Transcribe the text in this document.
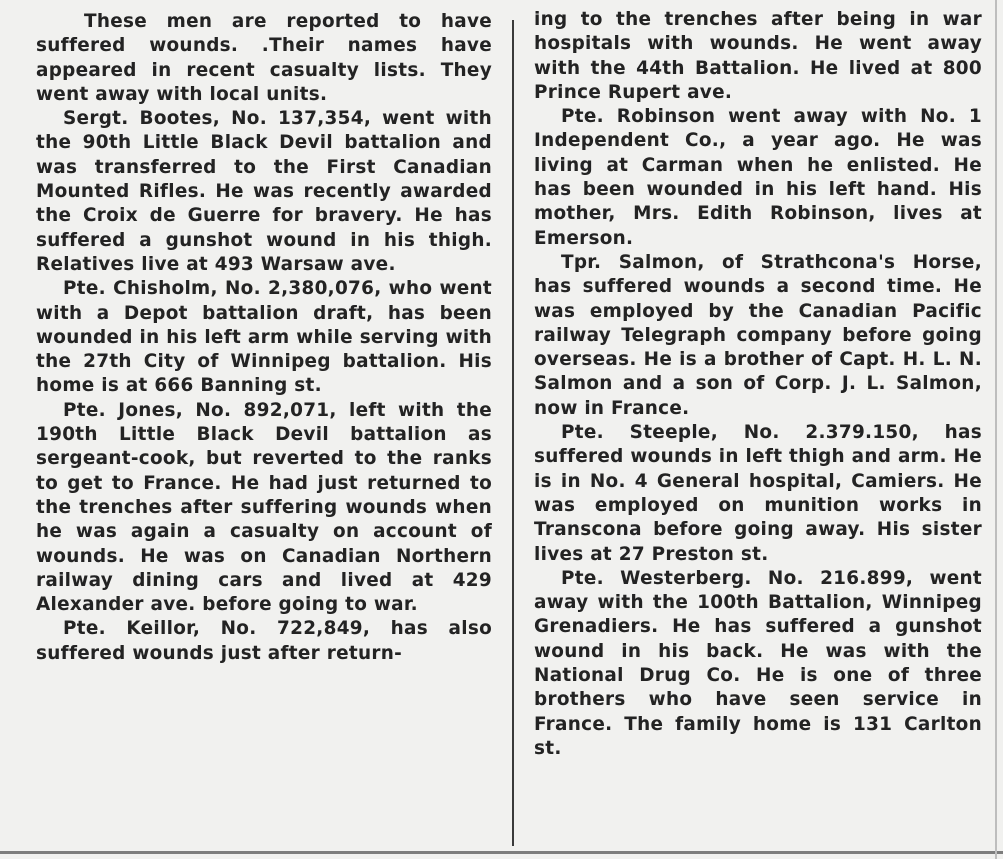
These men are reported to have suffered wounds. .Their names have appeared in recent casualty lists. They went away with local units.

Sergt. Bootes, No. 137,354, went with the 90th Little Black Devil battalion and was transferred to the First Canadian Mounted Rifles. He was recently awarded the Croix de Guerre for bravery. He has suffered a gunshot wound in his thigh. Relatives live at 493 Warsaw ave.

Pte. Chisholm, No. 2,380,076, who went with a Depot battalion draft, has been wounded in his left arm while serving with the 27th City of Winnipeg battalion. His home is at 666 Banning st.

Pte. Jones, No. 892,071, left with the 190th Little Black Devil battalion as sergeant-cook, but reverted to the ranks to get to France. He had just returned to the trenches after suffering wounds when he was again a casualty on account of wounds. He was on Canadian Northern railway dining cars and lived at 429 Alexander ave. before going to war.

Pte. Keillor, No. 722,849, has also suffered wounds just after return-

ing to the trenches after being in war hospitals with wounds. He went away with the 44th Battalion. He lived at 800 Prince Rupert ave.

Pte. Robinson went away with No. 1 Independent Co., a year ago. He was living at Carman when he enlisted. He has been wounded in his left hand. His mother, Mrs. Edith Robinson, lives at Emerson.

Tpr. Salmon, of Strathcona's Horse, has suffered wounds a second time. He was employed by the Canadian Pacific railway Telegraph company before going overseas. He is a brother of Capt. H. L. N. Salmon and a son of Corp. J. L. Salmon, now in France.

Pte. Steeple, No. 2.379.150, has suffered wounds in left thigh and arm. He is in No. 4 General hospital, Camiers. He was employed on munition works in Transcona before going away. His sister lives at 27 Preston st.

Pte. Westerberg. No. 216.899, went away with the 100th Battalion, Winnipeg Grenadiers. He has suffered a gunshot wound in his back. He was with the National Drug Co. He is one of three brothers who have seen service in France. The family home is 131 Carlton st.
